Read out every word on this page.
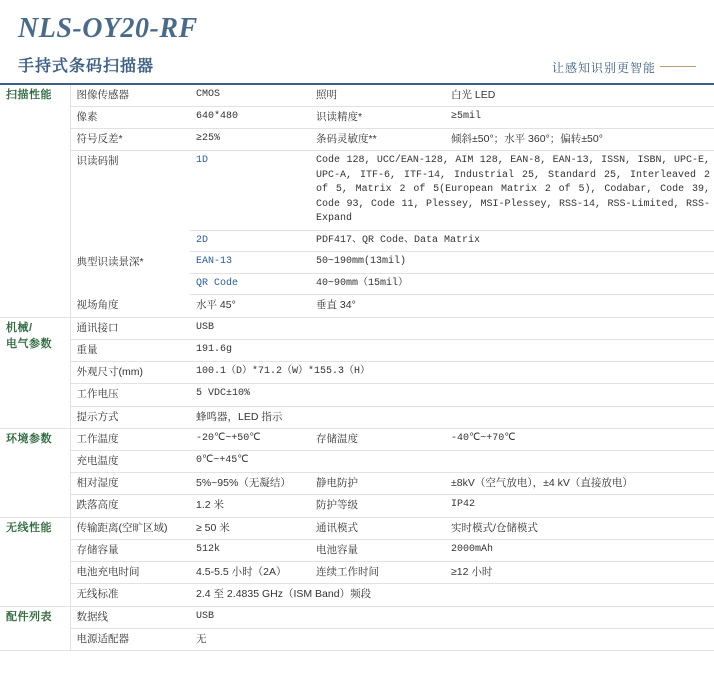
NLS-OY20-RF
手持式条码扫描器	让感知识别更智能
扫描性能	图像传感器	CMOS	照明	白光 LED
	像素	640*480	识读精度*	≥5mil
	符号反差*	≥25%	条码灵敏度**	倾斜±50°；水平 360°；偏转±50°
	识读码制	1D	Code 128, UCC/EAN-128, AIM 128, EAN-8, EAN-13, ISSN, ISBN, UPC-E, UPC-A, ITF-6, ITF-14, Industrial 25, Standard 25, Interleaved 2 of 5, Matrix 2 of 5(European Matrix 2 of 5), Codabar, Code 39, Code 93, Code 11, Plessey, MSI-Plessey, RSS-14, RSS-Limited, RSS-Expand	
		2D	PDF417、QR Code、Data Matrix	
	典型识读景深*	EAN-13	50~190mm(13mil)	
		QR Code	40~90mm（15mil）	
	视场角度	水平 45°	垂直 34°	
机械/
电气参数	通讯接口	USB		
	重量	191.6g		
	外观尺寸(mm)	100.1（D）*71.2（W）*155.3（H）		
	工作电压	5 VDC±10%		
	提示方式	蜂鸣器，LED 指示		
环境参数	工作温度	-20℃~+50℃	存储温度	-40℃~+70℃
	充电温度	0℃~+45℃		
	相对湿度	5%~95%（无凝结）	静电防护	±8kV（空气放电），±4 kV（直接放电）
	跌落高度	1.2 米	防护等级	IP42
无线性能	传输距离(空旷区域)	≥ 50 米	通讯模式	实时模式/仓储模式
	存储容量	512k	电池容量	2000mAh
	电池充电时间	4.5-5.5 小时（2A）	连续工作时间	≥12 小时
	无线标准	2.4 至 2.4835 GHz（ISM Band）频段		
配件列表	数据线	USB		
	电源适配器	无		
